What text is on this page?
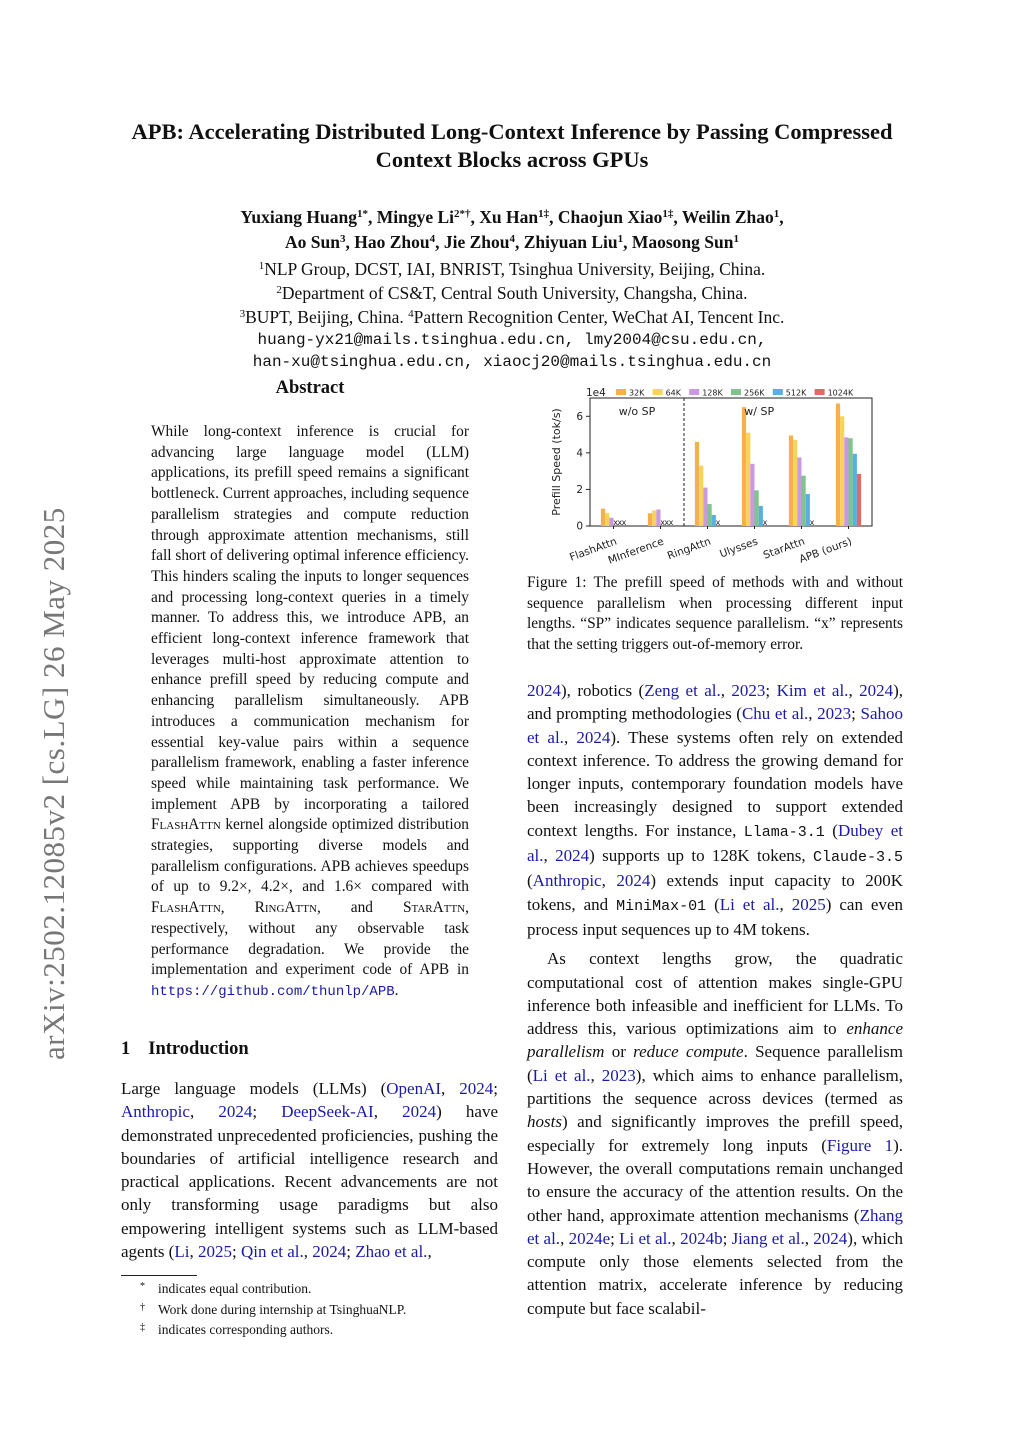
APB: Accelerating Distributed Long-Context Inference by Passing Compressed Context Blocks across GPUs
Yuxiang Huang$^{1*}$, Mingye $Li^{2*\dagger}$, Xu Han$^{1\ddagger}$, Chaojun Xiao$^{1\ddagger}$, Weilin Zhao$^1$,
Ao Sun$^3$, Hao Zhou$^4$, Jie Zhou$^4$, Zhiyuan Liu$^1$, Maosong Sun$^1$
$^1$NLP Group, DCST, IAI, BNRIST, Tsinghua University, Beijing, China.
$^2$Department of CS&T, Central South University, Changsha, China.
$^3$BUPT, Beijing, China. $^4$Pattern Recognition Center, WeChat AI, Tencent Inc.
huang-yx21@mails.tsinghua.edu.cn, lmy2004@csu.edu.cn,
han-xu@tsinghua.edu.cn, xiaocj20@mails.tsinghua.edu.cn
arXiv:2502.12085v2 [cs.LG] 26 May 2025
Abstract
While long-context inference is crucial for advancing large language model (LLM) applications, its prefill speed remains a significant bottleneck. Current approaches, including sequence parallelism strategies and compute reduction through approximate attention mechanisms, still fall short of delivering optimal inference efficiency. This hinders scaling the inputs to longer sequences and processing long-context queries in a timely manner. To address this, we introduce APB, an efficient long-context inference framework that leverages multi-host approximate attention to enhance prefill speed by reducing compute and enhancing parallelism simultaneously. APB introduces a communication mechanism for essential key-value pairs within a sequence parallelism framework, enabling a faster inference speed while maintaining task performance. We implement APB by incorporating a tailored FlashAttn kernel alongside optimized distribution strategies, supporting diverse models and parallelism configurations. APB achieves speedups of up to 9.2×, 4.2×, and 1.6× compared with FlashAttn, RingAttn, and StarAttn, respectively, without any observable task performance degradation. We provide the implementation and experiment code of APB in https://github.com/thunlp/APB.
1 Introduction
Large language models (LLMs) (OpenAI, 2024; Anthropic, 2024; DeepSeek-AI, 2024) have demonstrated unprecedented proficiencies, pushing the boundaries of artificial intelligence research and practical applications. Recent advancements are not only transforming usage paradigms but also empowering intelligent systems such as LLM-based agents (Li, 2025; Qin et al., 2024; Zhao et al.,
* indicates equal contribution.
† Work done during internship at TsinghuaNLP.
‡ indicates corresponding authors.
0
2
4
6
1e4
Prefill Speed (tok/s)
x x x
FlashAttn
x x x
MInference
x
RingAttn
x
Ulysses
x
StarAttn
APB (ours)
w/o SP	w/ SP
32K	64K	128K	256K	512K	1024K
Figure 1: The prefill speed of methods with and without sequence parallelism when processing different input lengths. “SP” indicates sequence parallelism. “x” represents that the setting triggers out-of-memory error.

2024), robotics (Zeng et al., 2023; Kim et al., 2024), and prompting methodologies (Chu et al., 2023; Sahoo et al., 2024). These systems often rely on extended context inference. To address the growing demand for longer inputs, contemporary foundation models have been increasingly designed to support extended context lengths. For instance, Llama-3.1 (Dubey et al., 2024) supports up to 128K tokens, Claude-3.5 (Anthropic, 2024) extends input capacity to 200K tokens, and MiniMax-01 (Li et al., 2025) can even process input sequences up to 4M tokens.

As context lengths grow, the quadratic computational cost of attention makes single-GPU inference both infeasible and inefficient for LLMs. To address this, various optimizations aim to enhance parallelism or reduce compute. Sequence parallelism (Li et al., 2023), which aims to enhance parallelism, partitions the sequence across devices (termed as hosts) and significantly improves the prefill speed, especially for extremely long inputs (Figure 1). However, the overall computations remain unchanged to ensure the accuracy of the attention results. On the other hand, approximate attention mechanisms (Zhang et al., 2024e; Li et al., 2024b; Jiang et al., 2024), which compute only those elements selected from the attention matrix, accelerate inference by reducing compute but face scalabil-
